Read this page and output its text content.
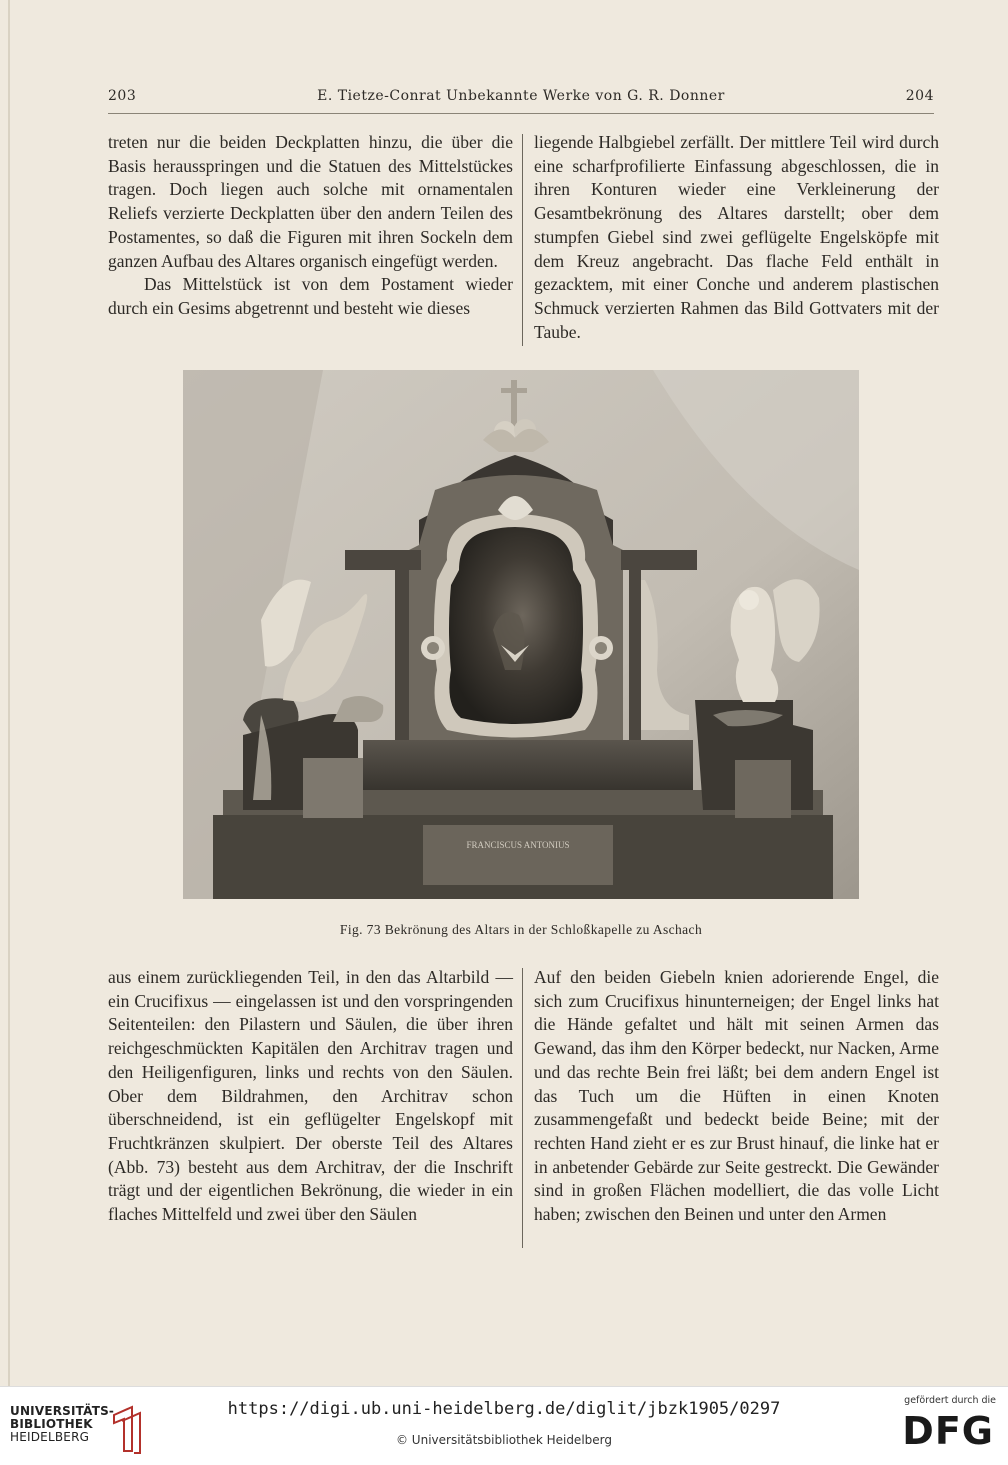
203	E. Tietze-Conrat Unbekannte Werke von G. R. Donner	204

treten nur die beiden Deckplatten hinzu, die über die Basis herausspringen und die Statuen des Mittelstückes tragen. Doch liegen auch solche mit ornamentalen Reliefs verzierte Deckplatten über den andern Teilen des Postamentes, so daß die Figuren mit ihren Sockeln dem ganzen Aufbau des Altares organisch eingefügt werden.

Das Mittelstück ist von dem Postament wieder durch ein Gesims abgetrennt und besteht wie dieses

liegende Halbgiebel zerfällt. Der mittlere Teil wird durch eine scharfprofilierte Einfassung abgeschlossen, die in ihren Konturen wieder eine Verkleinerung der Gesamtbekrönung des Altares darstellt; ober dem stumpfen Giebel sind zwei geflügelte Engelsköpfe mit dem Kreuz angebracht. Das flache Feld enthält in gezacktem, mit einer Conche und anderem plastischen Schmuck verzierten Rahmen das Bild Gottvaters mit der Taube.

FRANCISCUS ANTONIUS
Fig. 73 Bekrönung des Altars in der Schloßkapelle zu Aschach

aus einem zurückliegenden Teil, in den das Altarbild — ein Crucifixus — eingelassen ist und den vorspringenden Seitenteilen: den Pilastern und Säulen, die über ihren reichgeschmückten Kapitälen den Architrav tragen und den Heiligenfiguren, links und rechts von den Säulen. Ober dem Bildrahmen, den Architrav schon überschneidend, ist ein geflügelter Engelskopf mit Fruchtkränzen skulpiert. Der oberste Teil des Altares (Abb. 73) besteht aus dem Architrav, der die Inschrift trägt und der eigentlichen Bekrönung, die wieder in ein flaches Mittelfeld und zwei über den Säulen

Auf den beiden Giebeln knien adorierende Engel, die sich zum Crucifixus hinunterneigen; der Engel links hat die Hände gefaltet und hält mit seinen Armen das Gewand, das ihm den Körper bedeckt, nur Nacken, Arme und das rechte Bein frei läßt; bei dem andern Engel ist das Tuch um die Hüften in einen Knoten zusammengefaßt und bedeckt beide Beine; mit der rechten Hand zieht er es zur Brust hinauf, die linke hat er in anbetender Gebärde zur Seite gestreckt. Die Gewänder sind in großen Flächen modelliert, die das volle Licht haben; zwischen den Beinen und unter den Armen

UNIVERSITÄTS-
BIBLIOTHEK
HEIDELBERG
https://digi.ub.uni-heidelberg.de/diglit/jbzk1905/0297
© Universitätsbibliothek Heidelberg
gefördert durch die
DFG
